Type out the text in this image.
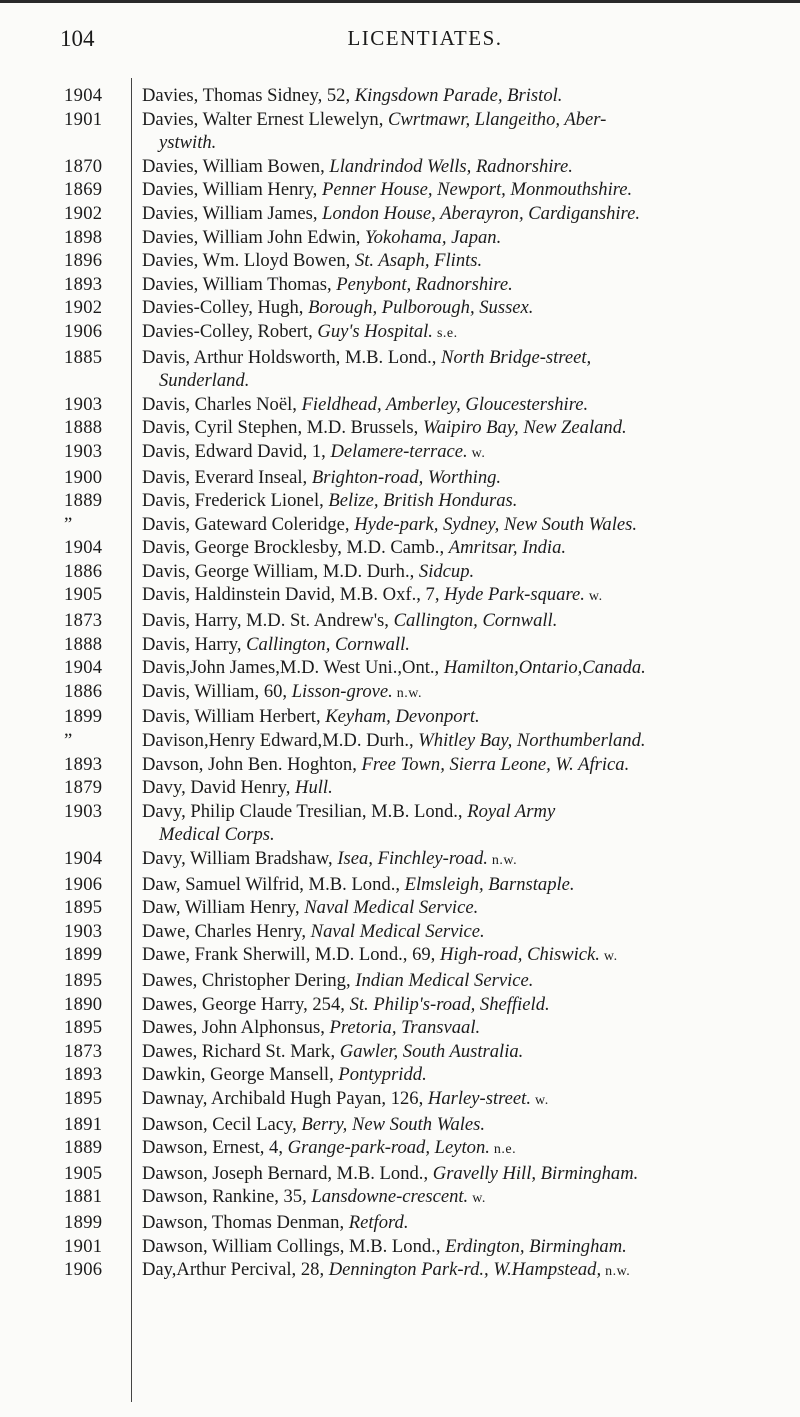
104	LICENTIATES.
1904	Davies, Thomas Sidney, 52, Kingsdown Parade, Bristol.
1901	Davies, Walter Ernest Llewelyn, Cwrtmawr, Llangeitho, Aber-
ystwith.
1870	Davies, William Bowen, Llandrindod Wells, Radnorshire.
1869	Davies, William Henry, Penner House, Newport, Monmouthshire.
1902	Davies, William James, London House, Aberayron, Cardiganshire.
1898	Davies, William John Edwin, Yokohama, Japan.
1896	Davies, Wm. Lloyd Bowen, St. Asaph, Flints.
1893	Davies, William Thomas, Penybont, Radnorshire.
1902	Davies-Colley, Hugh, Borough, Pulborough, Sussex.
1906	Davies-Colley, Robert, Guy's Hospital. s.e.
1885	Davis, Arthur Holdsworth, M.B. Lond., North Bridge-street,
Sunderland.
1903	Davis, Charles Noël, Fieldhead, Amberley, Gloucestershire.
1888	Davis, Cyril Stephen, M.D. Brussels, Waipiro Bay, New Zealand.
1903	Davis, Edward David, 1, Delamere-terrace. w.
1900	Davis, Everard Inseal, Brighton-road, Worthing.
1889	Davis, Frederick Lionel, Belize, British Honduras.
”	Davis, Gateward Coleridge, Hyde-park, Sydney, New South Wales.
1904	Davis, George Brocklesby, M.D. Camb., Amritsar, India.
1886	Davis, George William, M.D. Durh., Sidcup.
1905	Davis, Haldinstein David, M.B. Oxf., 7, Hyde Park-square. w.
1873	Davis, Harry, M.D. St. Andrew's, Callington, Cornwall.
1888	Davis, Harry, Callington, Cornwall.
1904	Davis,John James,M.D. West Uni.,Ont., Hamilton,Ontario,Canada.
1886	Davis, William, 60, Lisson-grove. n.w.
1899	Davis, William Herbert, Keyham, Devonport.
”	Davison,Henry Edward,M.D. Durh., Whitley Bay, Northumberland.
1893	Davson, John Ben. Hoghton, Free Town, Sierra Leone, W. Africa.
1879	Davy, David Henry, Hull.
1903	Davy, Philip Claude Tresilian, M.B. Lond., Royal Army
Medical Corps.
1904	Davy, William Bradshaw, Isea, Finchley-road. n.w.
1906	Daw, Samuel Wilfrid, M.B. Lond., Elmsleigh, Barnstaple.
1895	Daw, William Henry, Naval Medical Service.
1903	Dawe, Charles Henry, Naval Medical Service.
1899	Dawe, Frank Sherwill, M.D. Lond., 69, High-road, Chiswick. w.
1895	Dawes, Christopher Dering, Indian Medical Service.
1890	Dawes, George Harry, 254, St. Philip's-road, Sheffield.
1895	Dawes, John Alphonsus, Pretoria, Transvaal.
1873	Dawes, Richard St. Mark, Gawler, South Australia.
1893	Dawkin, George Mansell, Pontypridd.
1895	Dawnay, Archibald Hugh Payan, 126, Harley-street. w.
1891	Dawson, Cecil Lacy, Berry, New South Wales.
1889	Dawson, Ernest, 4, Grange-park-road, Leyton. n.e.
1905	Dawson, Joseph Bernard, M.B. Lond., Gravelly Hill, Birmingham.
1881	Dawson, Rankine, 35, Lansdowne-crescent. w.
1899	Dawson, Thomas Denman, Retford.
1901	Dawson, William Collings, M.B. Lond., Erdington, Birmingham.
1906	Day,Arthur Percival, 28, Dennington Park-rd., W.Hampstead, n.w.
